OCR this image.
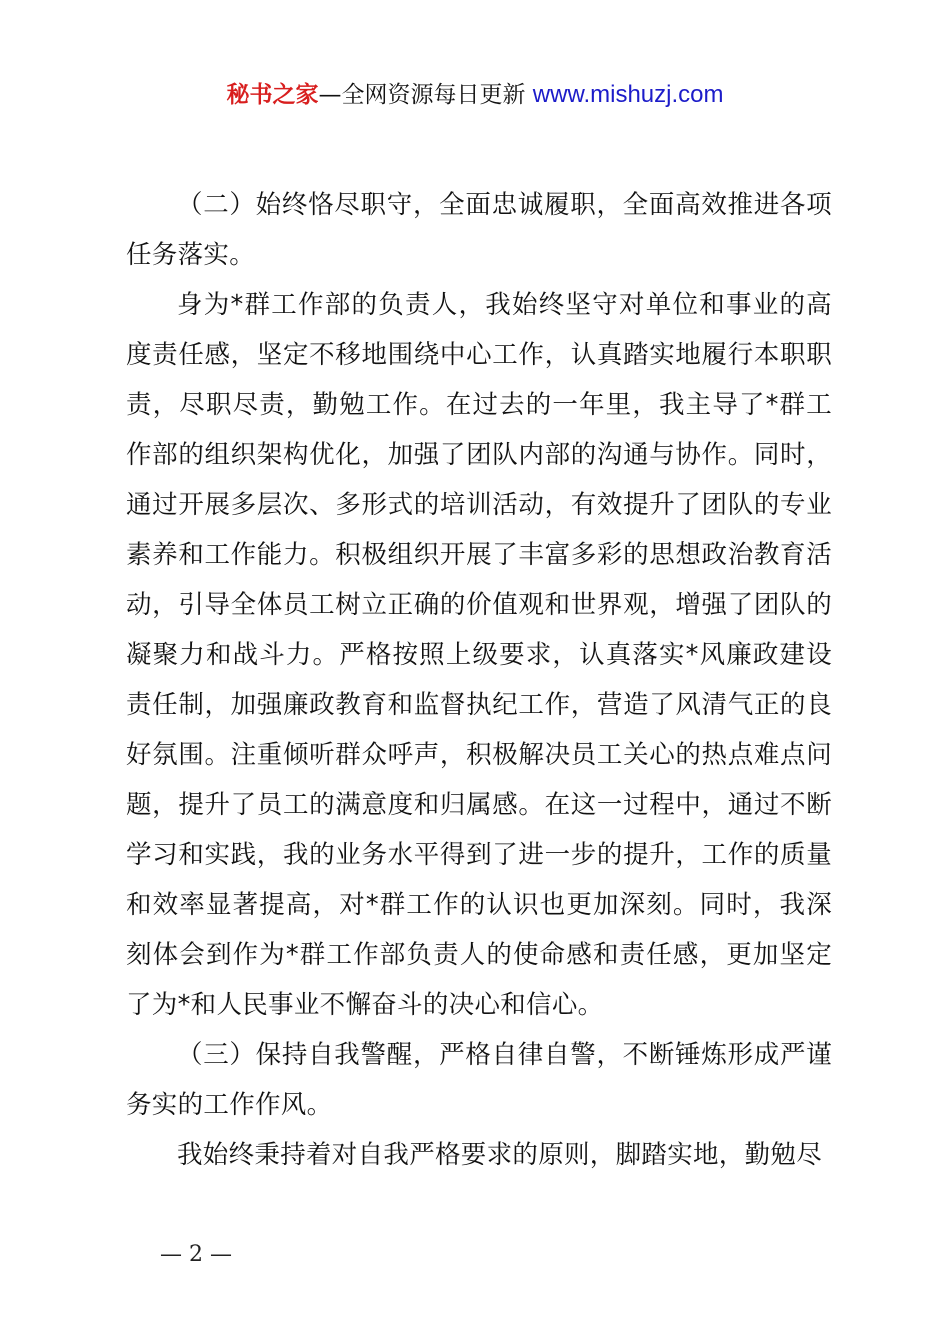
秘书之家—全网资源每日更新 www.mishuzj.com

（二）始终恪尽职守，全面忠诚履职，全面高效推进各项任务落实。

身为*群工作部的负责人，我始终坚守对单位和事业的高度责任感，坚定不移地围绕中心工作，认真踏实地履行本职职责，尽职尽责，勤勉工作。在过去的一年里，我主导了*群工作部的组织架构优化，加强了团队内部的沟通与协作。同时，通过开展多层次、多形式的培训活动，有效提升了团队的专业素养和工作能力。积极组织开展了丰富多彩的思想政治教育活动，引导全体员工树立正确的价值观和世界观，增强了团队的凝聚力和战斗力。严格按照上级要求，认真落实*风廉政建设责任制，加强廉政教育和监督执纪工作，营造了风清气正的良好氛围。注重倾听群众呼声，积极解决员工关心的热点难点问题，提升了员工的满意度和归属感。在这一过程中，通过不断学习和实践，我的业务水平得到了进一步的提升，工作的质量和效率显著提高，对*群工作的认识也更加深刻。同时，我深刻体会到作为*群工作部负责人的使命感和责任感，更加坚定了为*和人民事业不懈奋斗的决心和信心。

（三）保持自我警醒，严格自律自警，不断锤炼形成严谨务实的工作作风。

我始终秉持着对自我严格要求的原则，脚踏实地，勤勉尽

— 2 —
